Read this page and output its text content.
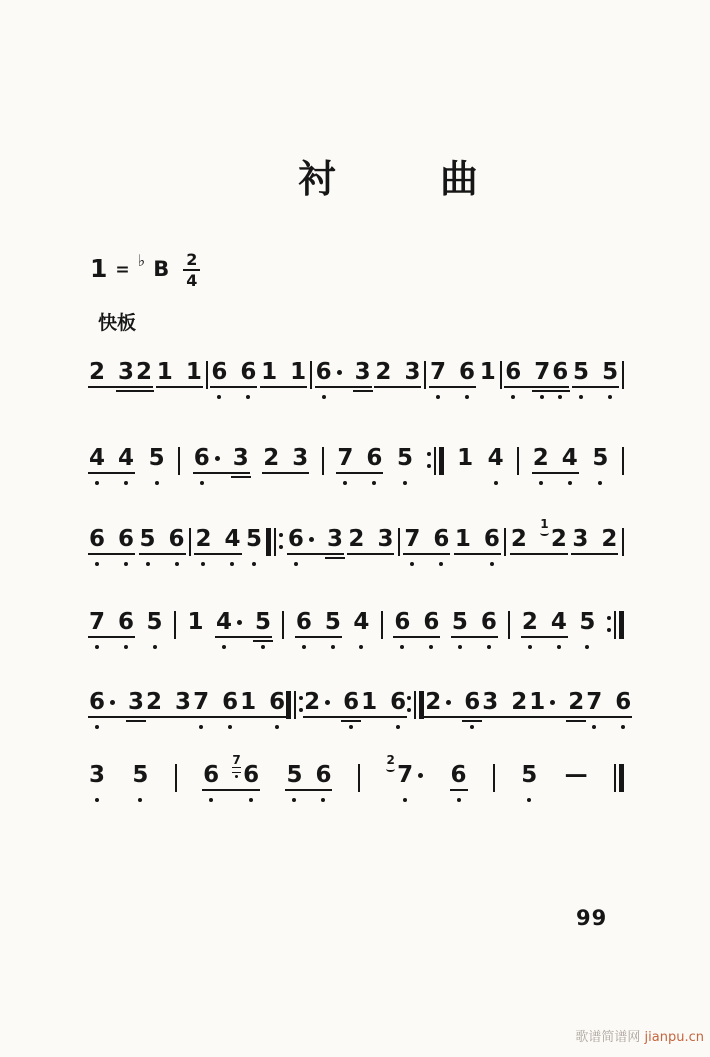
衬	曲
1 = ♭ B $\frac{2}{4}$
快板
2 3 2 1 1 6 6 1 1 6 3 2 3 7 6 1 6 7 6 5 5
4 4 5 6 3 2 3 7 6 5 1 4 2 4 5
6 6 5 6 2 4 5 6 3 2 3 7 6 1 6 2
1
2 3 2
7 6 5 1 4 5 6 5 4 6 6 5 6 2 4 5
6 3 2 3 7 6 1 6 2 6 1 6 2 6 3 2 1 2 7 6
3 5 6
7
6 5 6
2
7 6 5 —
99
歌谱简谱网 jianpu.cn
